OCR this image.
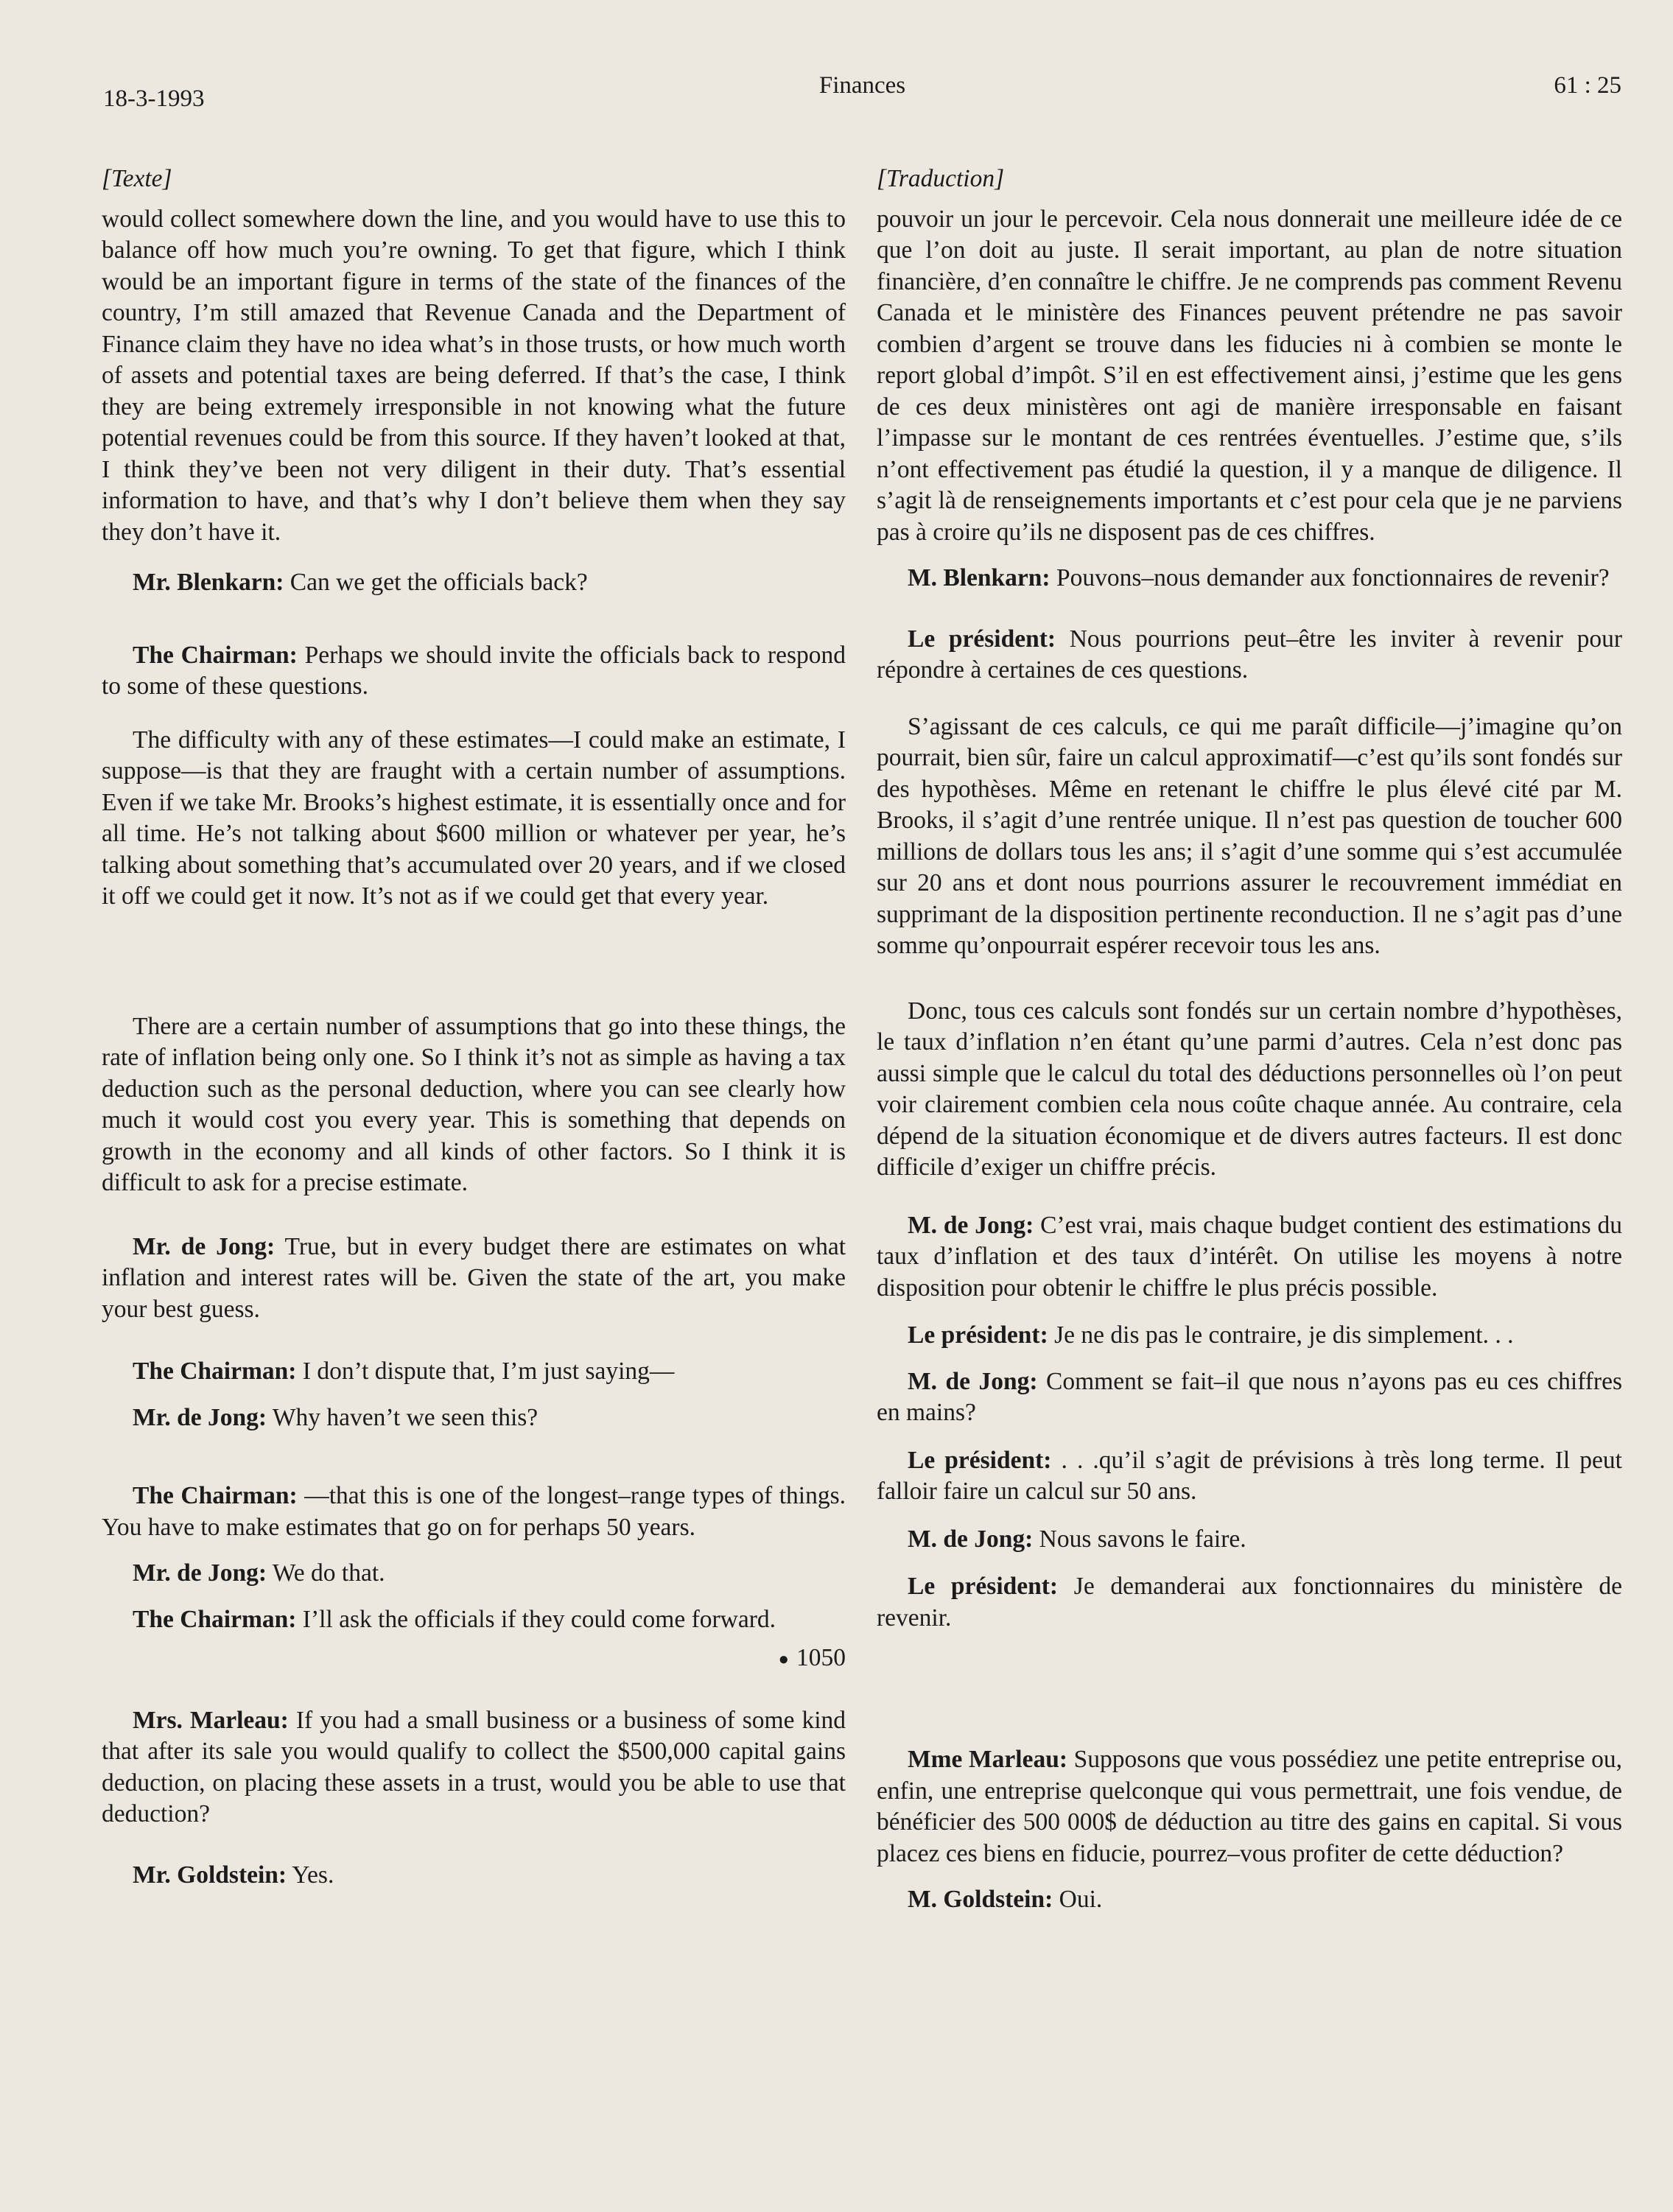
18-3-1993	Finances	61 : 25
[Texte]

would collect somewhere down the line, and you would have to use this to balance off how much you’re owning. To get that figure, which I think would be an important figure in terms of the state of the finances of the country, I’m still amazed that Revenue Canada and the Department of Finance claim they have no idea what’s in those trusts, or how much worth of assets and potential taxes are being deferred. If that’s the case, I think they are being extremely irresponsible in not knowing what the future potential revenues could be from this source. If they haven’t looked at that, I think they’ve been not very diligent in their duty. That’s essential information to have, and that’s why I don’t believe them when they say they don’t have it.

Mr. Blenkarn: Can we get the officials back?

The Chairman: Perhaps we should invite the officials back to respond to some of these questions.

The difficulty with any of these estimates—I could make an estimate, I suppose—is that they are fraught with a certain number of assumptions. Even if we take Mr. Brooks’s highest estimate, it is essentially once and for all time. He’s not talking about $600 million or whatever per year, he’s talking about something that’s accumulated over 20 years, and if we closed it off we could get it now. It’s not as if we could get that every year.

There are a certain number of assumptions that go into these things, the rate of inflation being only one. So I think it’s not as simple as having a tax deduction such as the personal deduction, where you can see clearly how much it would cost you every year. This is something that depends on growth in the economy and all kinds of other factors. So I think it is difficult to ask for a precise estimate.

Mr. de Jong: True, but in every budget there are estimates on what inflation and interest rates will be. Given the state of the art, you make your best guess.

The Chairman: I don’t dispute that, I’m just saying—

Mr. de Jong: Why haven’t we seen this?

The Chairman: —that this is one of the longest–range types of things. You have to make estimates that go on for perhaps 50 years.

Mr. de Jong: We do that.

The Chairman: I’ll ask the officials if they could come forward.

● 1050

Mrs. Marleau: If you had a small business or a business of some kind that after its sale you would qualify to collect the $500,000 capital gains deduction, on placing these assets in a trust, would you be able to use that deduction?

Mr. Goldstein: Yes.

[Traduction]

pouvoir un jour le percevoir. Cela nous donnerait une meilleure idée de ce que l’on doit au juste. Il serait important, au plan de notre situation financière, d’en connaître le chiffre. Je ne comprends pas comment Revenu Canada et le ministère des Finances peuvent prétendre ne pas savoir combien d’argent se trouve dans les fiducies ni à combien se monte le report global d’impôt. S’il en est effectivement ainsi, j’estime que les gens de ces deux ministères ont agi de manière irresponsable en faisant l’impasse sur le montant de ces rentrées éventuelles. J’estime que, s’ils n’ont effectivement pas étudié la question, il y a manque de diligence. Il s’agit là de renseignements importants et c’est pour cela que je ne parviens pas à croire qu’ils ne disposent pas de ces chiffres.

M. Blenkarn: Pouvons–nous demander aux fonctionnaires de revenir?

Le président: Nous pourrions peut–être les inviter à revenir pour répondre à certaines de ces questions.

S’agissant de ces calculs, ce qui me paraît difficile—j’imagine qu’on pourrait, bien sûr, faire un calcul approximatif—c’est qu’ils sont fondés sur des hypothèses. Même en retenant le chiffre le plus élevé cité par M. Brooks, il s’agit d’une rentrée unique. Il n’est pas question de toucher 600 millions de dollars tous les ans; il s’agit d’une somme qui s’est accumulée sur 20 ans et dont nous pourrions assurer le recouvrement immédiat en supprimant de la disposition pertinente reconduction. Il ne s’agit pas d’une somme qu’onpourrait espérer recevoir tous les ans.

Donc, tous ces calculs sont fondés sur un certain nombre d’hypothèses, le taux d’inflation n’en étant qu’une parmi d’autres. Cela n’est donc pas aussi simple que le calcul du total des déductions personnelles où l’on peut voir clairement combien cela nous coûte chaque année. Au contraire, cela dépend de la situation économique et de divers autres facteurs. Il est donc difficile d’exiger un chiffre précis.

M. de Jong: C’est vrai, mais chaque budget contient des estimations du taux d’inflation et des taux d’intérêt. On utilise les moyens à notre disposition pour obtenir le chiffre le plus précis possible.

Le président: Je ne dis pas le contraire, je dis simplement. . .

M. de Jong: Comment se fait–il que nous n’ayons pas eu ces chiffres en mains?

Le président: . . .qu’il s’agit de prévisions à très long terme. Il peut falloir faire un calcul sur 50 ans.

M. de Jong: Nous savons le faire.

Le président: Je demanderai aux fonctionnaires du ministère de revenir.

Mme Marleau: Supposons que vous possédiez une petite entreprise ou, enfin, une entreprise quelconque qui vous permettrait, une fois vendue, de bénéficier des 500 000$ de déduction au titre des gains en capital. Si vous placez ces biens en fiducie, pourrez–vous profiter de cette déduction?

M. Goldstein: Oui.
